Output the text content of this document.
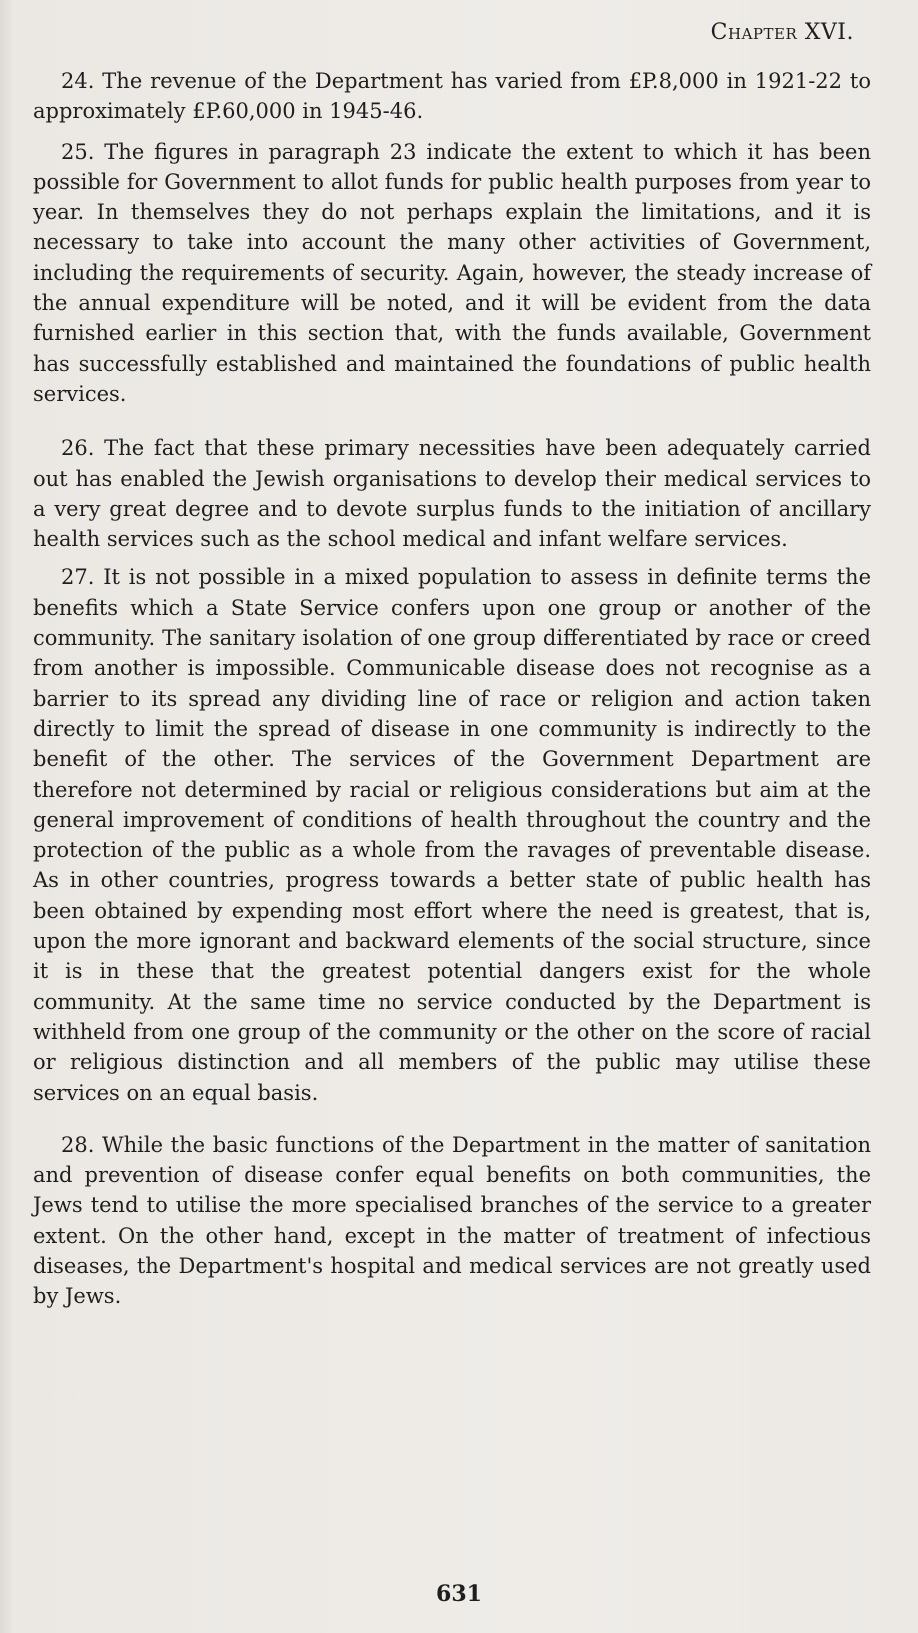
Chapter XVI.

24. The revenue of the Department has varied from £P.8,000 in 1921-22 to approximately £P.60,000 in 1945-46.

25. The figures in paragraph 23 indicate the extent to which it has been possible for Government to allot funds for public health purposes from year to year. In themselves they do not perhaps explain the limitations, and it is necessary to take into account the many other activities of Government, including the requirements of security. Again, however, the steady increase of the annual expenditure will be noted, and it will be evident from the data furnished earlier in this section that, with the funds available, Government has successfully established and maintained the foundations of public health services.

26. The fact that these primary necessities have been adequately carried out has enabled the Jewish organisations to develop their medical services to a very great degree and to devote surplus funds to the initiation of ancillary health services such as the school medical and infant welfare services.

27. It is not possible in a mixed population to assess in definite terms the benefits which a State Service confers upon one group or another of the community. The sanitary isolation of one group differentiated by race or creed from another is impossible. Communicable disease does not recognise as a barrier to its spread any dividing line of race or religion and action taken directly to limit the spread of disease in one community is indirectly to the benefit of the other. The services of the Government Department are therefore not determined by racial or religious considerations but aim at the general improvement of conditions of health throughout the country and the protection of the public as a whole from the ravages of preventable disease. As in other countries, progress towards a better state of public health has been obtained by expending most effort where the need is greatest, that is, upon the more ignorant and backward elements of the social structure, since it is in these that the greatest potential dangers exist for the whole community. At the same time no service conducted by the Department is withheld from one group of the community or the other on the score of racial or religious distinction and all members of the public may utilise these services on an equal basis.

28. While the basic functions of the Department in the matter of sanitation and prevention of disease confer equal benefits on both communities, the Jews tend to utilise the more specialised branches of the service to a greater extent. On the other hand, except in the matter of treatment of infectious diseases, the Department's hospital and medical services are not greatly used by Jews.

631
